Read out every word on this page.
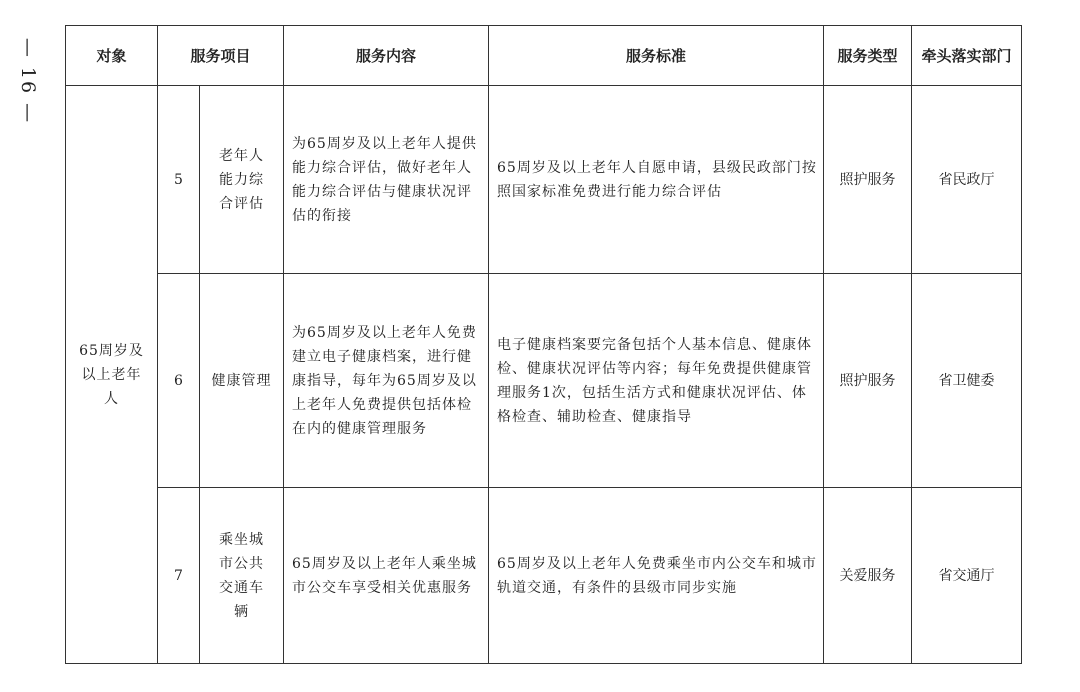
— 16 —	对象	服务项目		服务内容	服务标准	服务类型	牵头落实部门

65周岁及以上老年人	5	老年人能力综合评估	为65周岁及以上老年人提供能力综合评估，做好老年人能力综合评估与健康状况评估的衔接	65周岁及以上老年人自愿申请，县级民政部门按照国家标准免费进行能力综合评估	照护服务	省民政厅
	6	健康管理	为65周岁及以上老年人免费建立电子健康档案，进行健康指导，每年为65周岁及以上老年人免费提供包括体检在内的健康管理服务	电子健康档案要完备包括个人基本信息、健康体检、健康状况评估等内容；每年免费提供健康管理服务1次，包括生活方式和健康状况评估、体格检查、辅助检查、健康指导	照护服务	省卫健委
	7	乘坐城市公共交通车辆	65周岁及以上老年人乘坐城市公交车享受相关优惠服务	65周岁及以上老年人免费乘坐市内公交车和城市轨道交通，有条件的县级市同步实施	关爱服务	省交通厅
